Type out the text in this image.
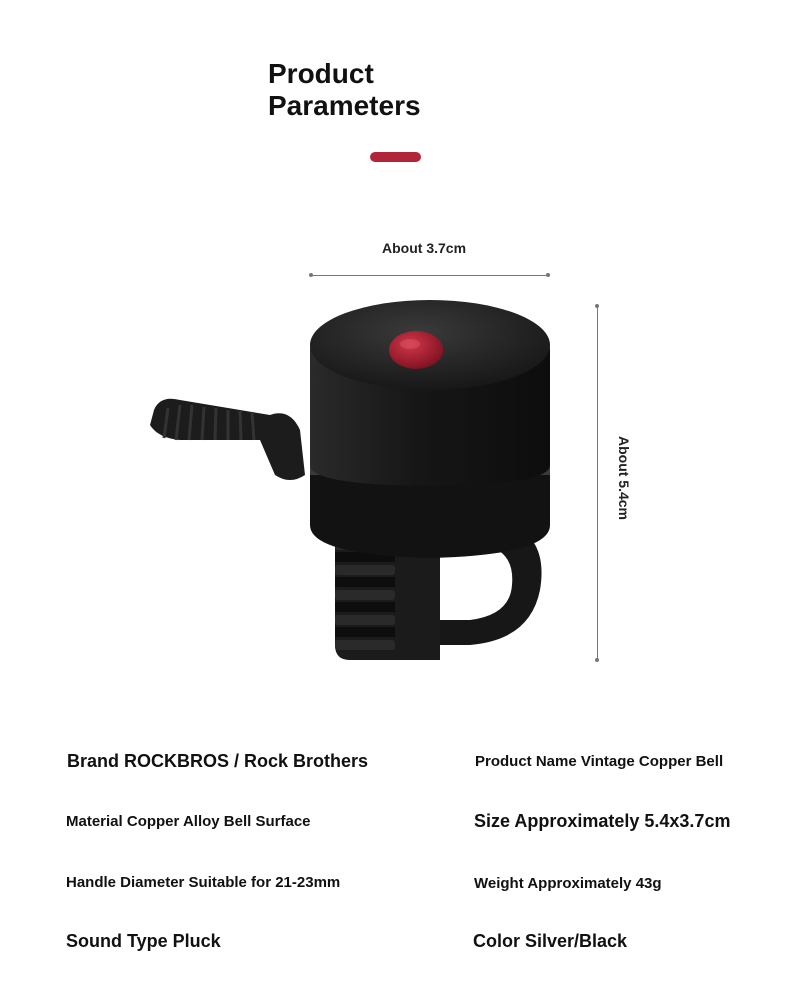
Product
Parameters
About 3.7cm
About 5.4cm
Brand ROCKBROS / Rock Brothers	Product Name Vintage Copper Bell
Material Copper Alloy Bell Surface	Size Approximately 5.4x3.7cm
Handle Diameter Suitable for 21-23mm	Weight Approximately 43g
Sound Type Pluck	Color Silver/Black
